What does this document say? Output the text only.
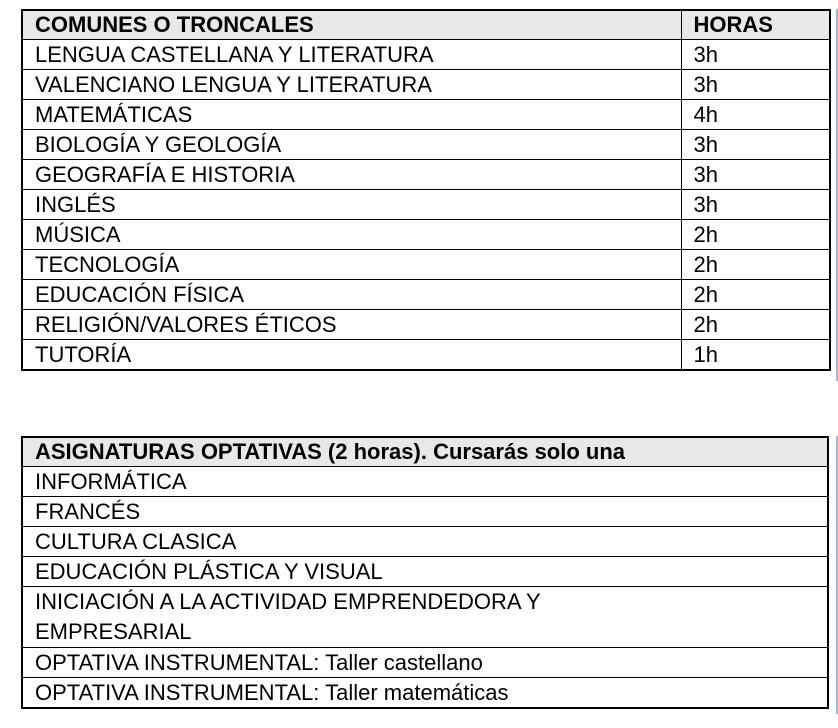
COMUNES O TRONCALES	HORAS
LENGUA CASTELLANA Y LITERATURA	3h
VALENCIANO LENGUA Y LITERATURA	3h
MATEMÁTICAS	4h
BIOLOGÍA Y GEOLOGÍA	3h
GEOGRAFÍA E HISTORIA	3h
INGLÉS	3h
MÚSICA	2h
TECNOLOGÍA	2h
EDUCACIÓN FÍSICA	2h
RELIGIÓN/VALORES ÉTICOS	2h
TUTORÍA	1h
ASIGNATURAS OPTATIVAS (2 horas). Cursarás solo una
INFORMÁTICA
FRANCÉS
CULTURA CLASICA
EDUCACIÓN PLÁSTICA Y VISUAL
INICIACIÓN A LA ACTIVIDAD EMPRENDEDORA Y EMPRESARIAL
OPTATIVA INSTRUMENTAL: Taller castellano
OPTATIVA INSTRUMENTAL: Taller matemáticas
